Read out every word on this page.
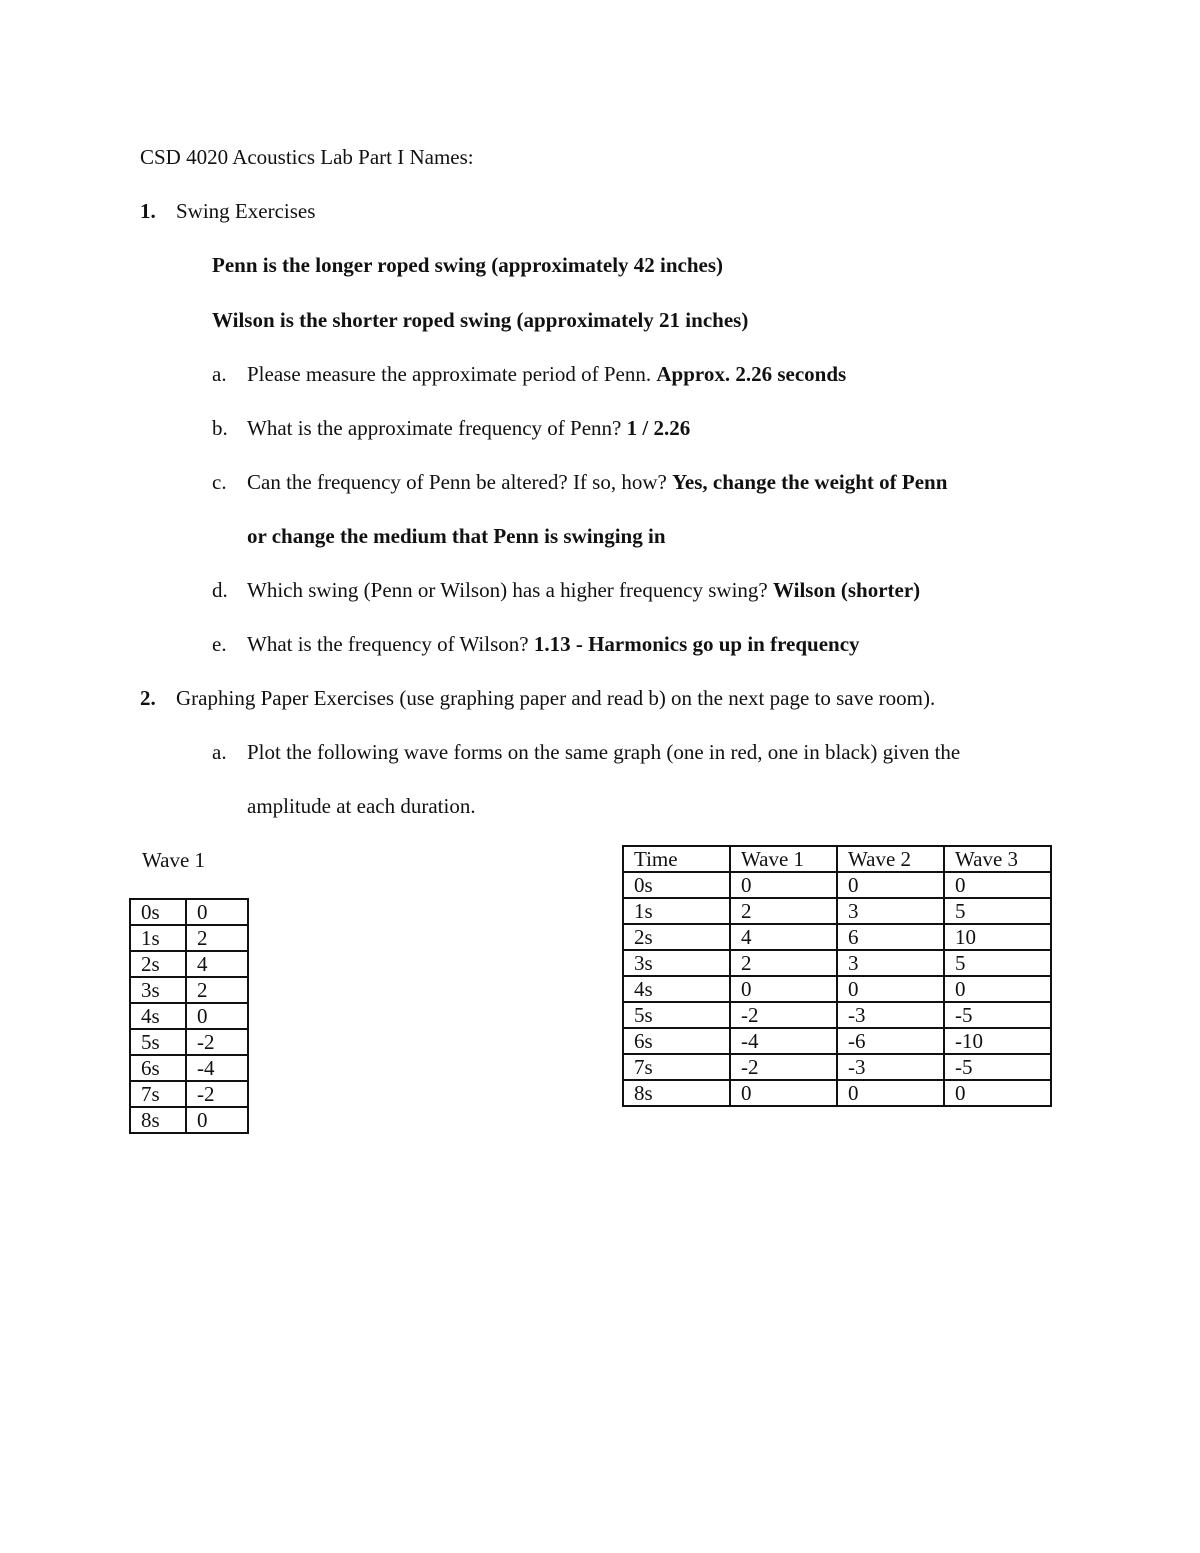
CSD 4020 Acoustics Lab Part I Names:
1. Swing Exercises
Penn is the longer roped swing (approximately 42 inches)
Wilson is the shorter roped swing (approximately 21 inches)
a. Please measure the approximate period of Penn. Approx. 2.26 seconds
b. What is the approximate frequency of Penn? 1 / 2.26
c. Can the frequency of Penn be altered? If so, how? Yes, change the weight of Penn
or change the medium that Penn is swinging in
d. Which swing (Penn or Wilson) has a higher frequency swing? Wilson (shorter)
e. What is the frequency of Wilson? 1.13 - Harmonics go up in frequency
2. Graphing Paper Exercises (use graphing paper and read b) on the next page to save room).
a. Plot the following wave forms on the same graph (one in red, one in black) given the
amplitude at each duration.
Wave 1
0s	0
1s	2
2s	4
3s	2
4s	0
5s	-2
6s	-4
7s	-2
8s	0
Time	Wave 1	Wave 2	Wave 3
0s	0	0	0
1s	2	3	5
2s	4	6	10
3s	2	3	5
4s	0	0	0
5s	-2	-3	-5
6s	-4	-6	-10
7s	-2	-3	-5
8s	0	0	0
